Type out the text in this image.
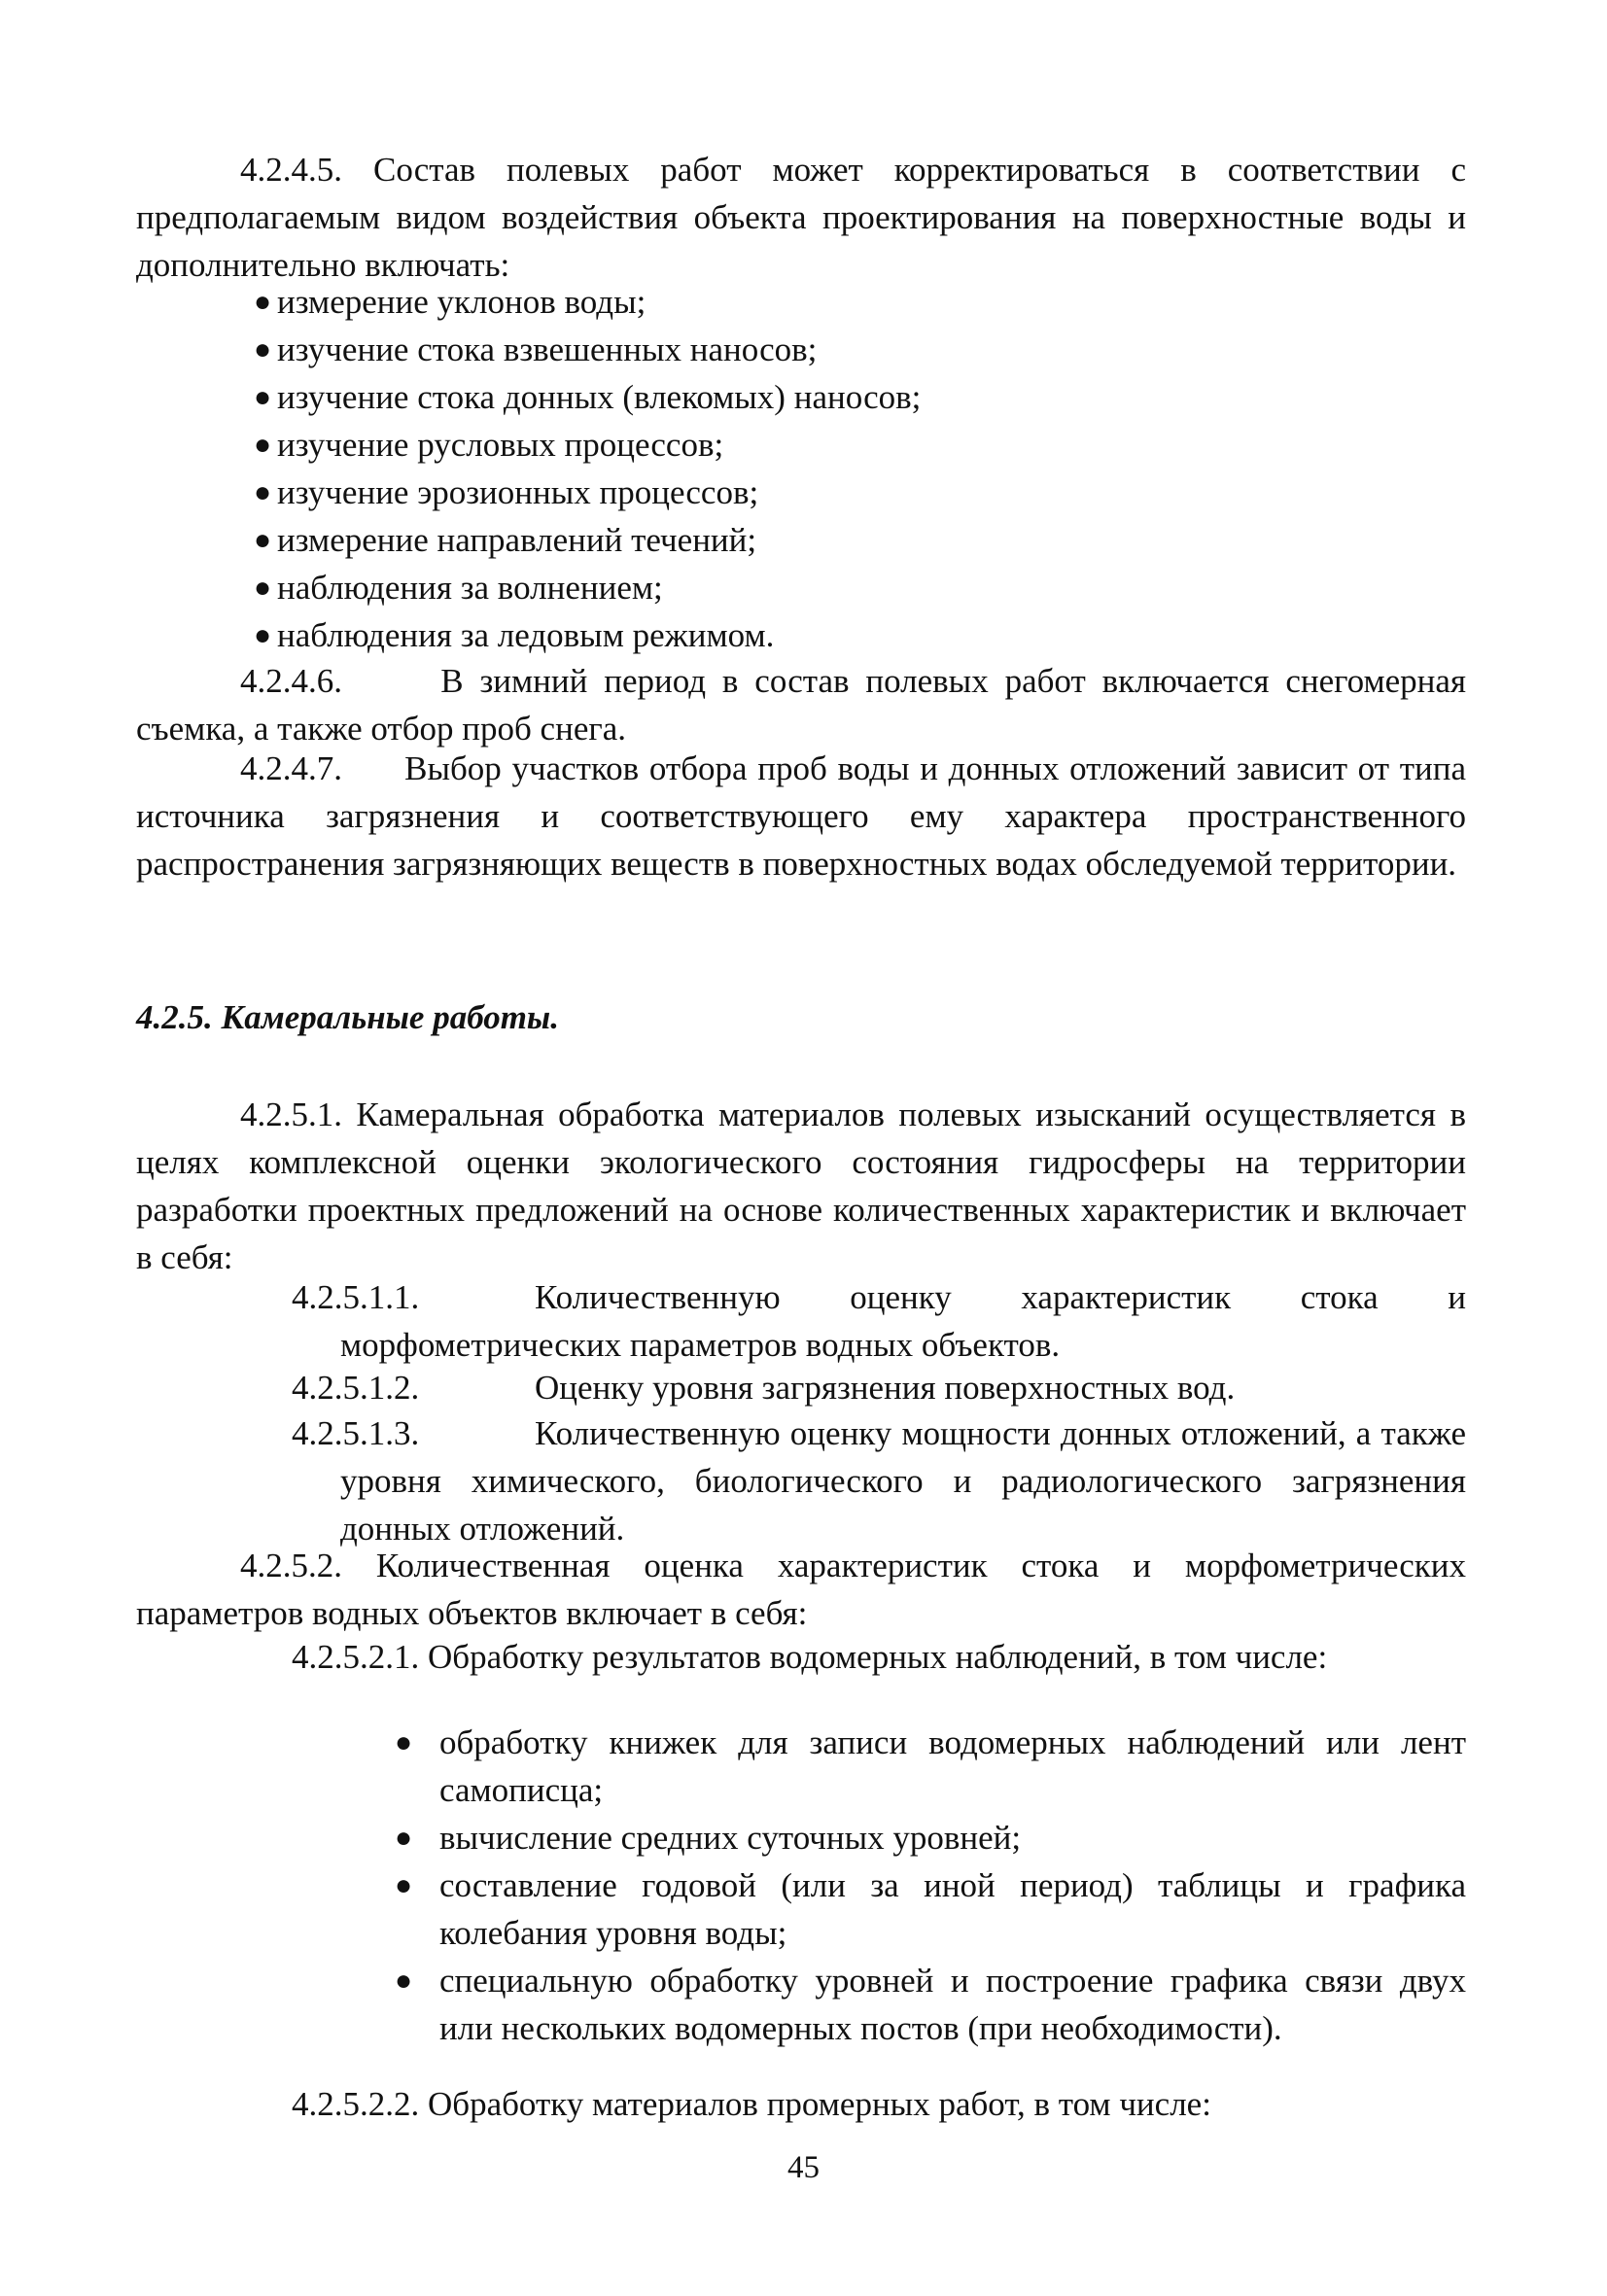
4.2.4.5. Состав полевых работ может корректироваться в соответствии с предполагаемым видом воздействия объекта проектирования на поверхностные воды и дополнительно включать:

● измерение уклонов воды;
● изучение стока взвешенных наносов;
● изучение стока донных (влекомых) наносов;
● изучение русловых процессов;
● изучение эрозионных процессов;
● измерение направлений течений;
● наблюдения за волнением;
● наблюдения за ледовым режимом.

4.2.4.6.      В зимний период в состав полевых работ включается снегомерная съемка, а также отбор проб снега.

4.2.4.7.      Выбор участков отбора проб воды и донных отложений зависит от типа источника загрязнения и соответствующего ему характера пространственного распространения загрязняющих веществ в поверхностных водах обследуемой территории.

4.2.5. Камеральные работы.

4.2.5.1. Камеральная обработка материалов полевых изысканий осуществляется в целях комплексной оценки экологического состояния гидросферы на территории разработки проектных предложений на основе количественных характеристик и включает в себя:

4.2.5.1.1.	Количественную оценку характеристик стока и морфометрических параметров водных объектов.
4.2.5.1.2.	Оценку уровня загрязнения поверхностных вод.
4.2.5.1.3.	Количественную оценку мощности донных отложений, а также уровня химического, биологического и радиологического загрязнения донных отложений.

4.2.5.2. Количественная оценка характеристик стока и морфометрических параметров водных объектов включает в себя:

4.2.5.2.1. Обработку результатов водомерных наблюдений, в том числе:

● обработку книжек для записи водомерных наблюдений или лент самописца;
● вычисление средних суточных уровней;
● составление годовой (или за иной период) таблицы и графика колебания уровня воды;
● специальную обработку уровней и построение графика связи двух или нескольких водомерных постов (при необходимости).

4.2.5.2.2. Обработку материалов промерных работ, в том числе:

45
